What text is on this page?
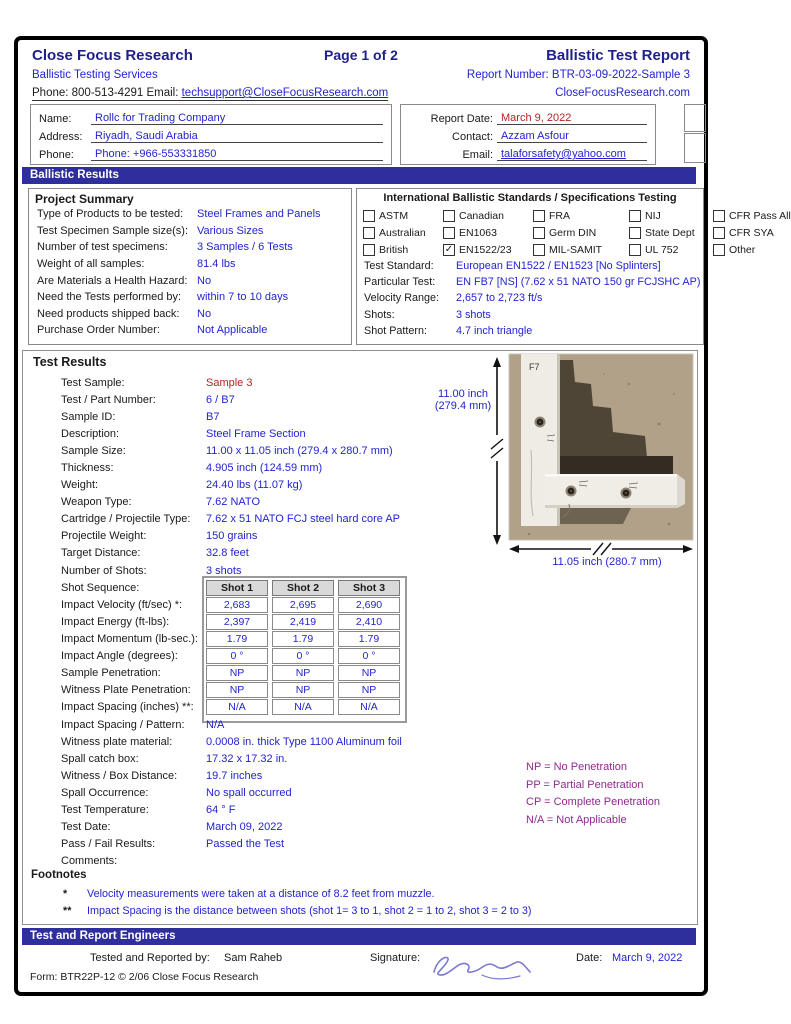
Close Focus Research	Page 1 of 2	Ballistic Test Report
Ballistic Testing Services	Report Number: BTR-03-09-2022-Sample 3
Phone: 800-513-4291 Email: techsupport@CloseFocusResearch.com	CloseFocusResearch.com
Name:	Rollc for Trading Company
Address:	Riyadh, Saudi Arabia
Phone:	Phone: +966-553331850
Report Date: March 9, 2022
Contact: Azzam Asfour
Email: talaforsafety@yahoo.com
Ballistic Results
Project Summary
Type of Products to be tested:	Steel Frames and Panels
Test Specimen Sample size(s): Various Sizes
Number of test specimens:	3 Samples / 6 Tests
Weight of all samples:	81.4 lbs
Are Materials a Health Hazard: No
Need the Tests performed by:	within 7 to 10 days
Need products shipped back:	No
Purchase Order Number:	Not Applicable
International Ballistic Standards / Specifications Testing
ASTM	Canadian	FRA	NIJ	CFR Pass All
Australian	EN1063	Germ DIN	State Dept	CFR SYA
British	✓ EN1522/23	MIL-SAMIT	UL 752	Other
Test Standard:	European EN1522 / EN1523 [No Splinters]
Particular Test:	EN FB7 [NS] (7.62 x 51 NATO 150 gr FCJSHC AP)
Velocity Range:	2,657 to 2,723 ft/s
Shots:	3 shots
Shot Pattern:	4.7 inch triangle
Test Results
Test Sample:	Sample 3
Test / Part Number:	6 / B7
Sample ID:	B7
Description:	Steel Frame Section
Sample Size:	11.00 x 11.05 inch (279.4 x 280.7 mm)
Thickness:	4.905 inch (124.59 mm)
Weight:	24.40 lbs (11.07 kg)
Weapon Type:	7.62 NATO
Cartridge / Projectile Type:	7.62 x 51 NATO FCJ steel hard core AP
Projectile Weight:	150 grains
Target Distance:	32.8 feet
Number of Shots:	3 shots
Shot Sequence:	Shot 1	Shot 2	Shot 3
Impact Velocity (ft/sec) *:	2,683	2,695	2,690
Impact Energy (ft-lbs):	2,397	2,419	2,410
Impact Momentum (lb-sec.):	1.79	1.79	1.79
Impact Angle (degrees):	0 °	0 °	0 °
Sample Penetration:	NP	NP	NP
Witness Plate Penetration:	NP	NP	NP
Impact Spacing (inches) **:	N/A	N/A	N/A
Impact Spacing / Pattern:	N/A
Witness plate material:	0.0008 in. thick Type 1100 Aluminum foil
Spall catch box:	17.32 x 17.32 in.
Witness / Box Distance:	19.7 inches
Spall Occurrence:	No spall occurred
Test Temperature:	64 ° F
Test Date:	March 09, 2022
Pass / Fail Results:	Passed the Test
Comments:
11.00 inch
(279.4 mm)
F7
11.05 inch (280.7 mm)
NP = No Penetration
PP = Partial Penetration
CP = Complete Penetration
N/A = Not Applicable
Footnotes
*	Velocity measurements were taken at a distance of 8.2 feet from muzzle.
**	Impact Spacing is the distance between shots (shot 1= 3 to 1, shot 2 = 1 to 2, shot 3 = 2 to 3)
Test and Report Engineers
Tested and Reported by: Sam Raheb	Signature:	Date: March 9, 2022
Form: BTR22P-12 © 2/06 Close Focus Research
